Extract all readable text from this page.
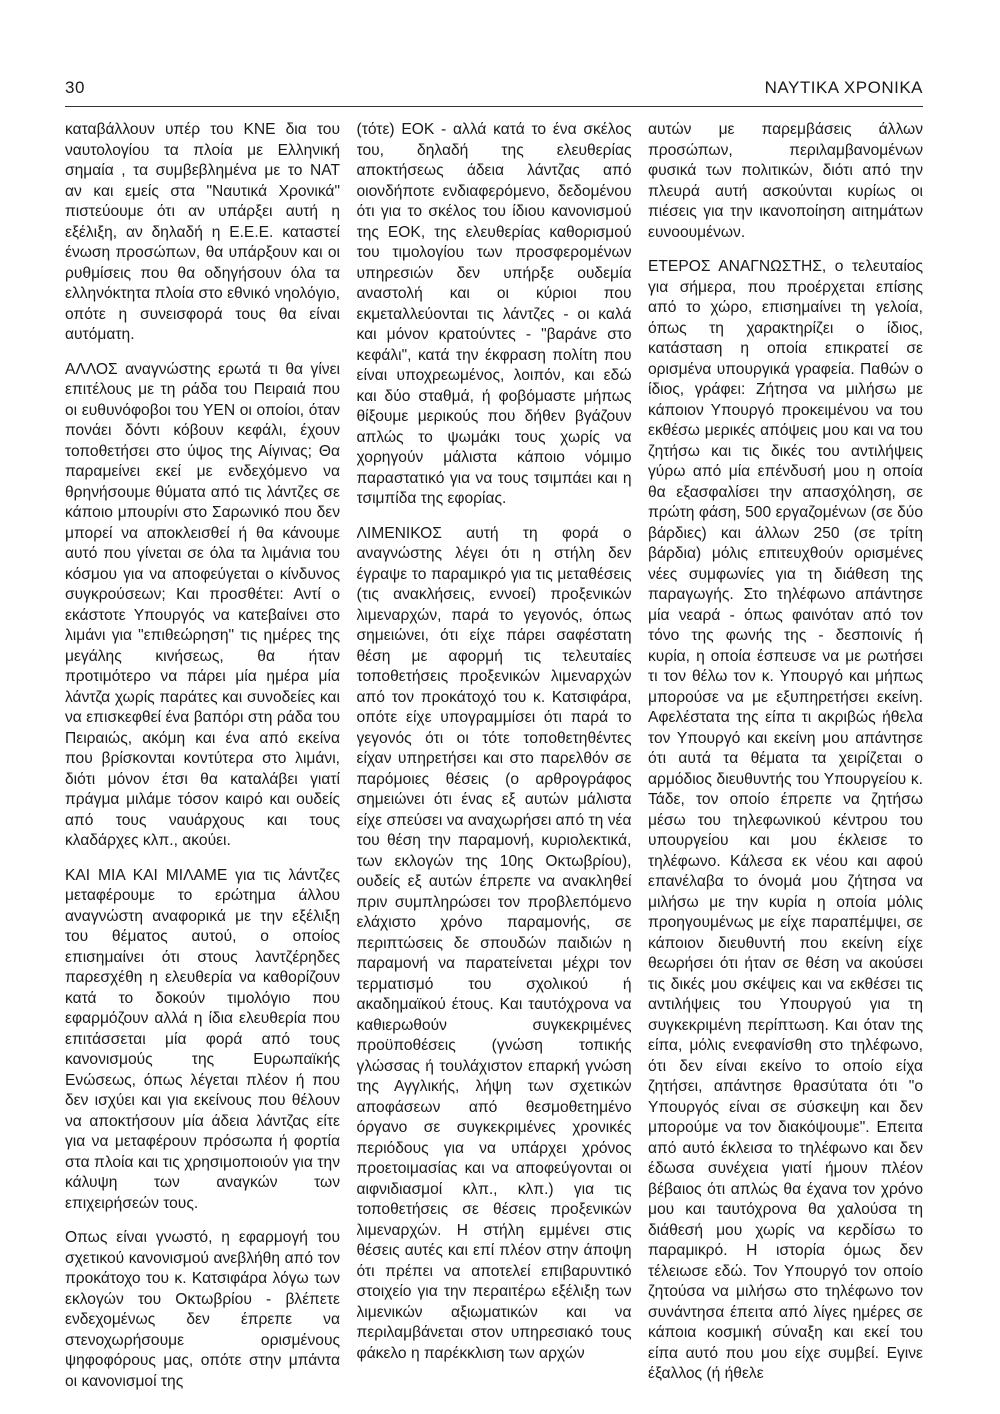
30	ΝΑΥΤΙΚΑ ΧΡΟΝΙΚΑ

καταβάλλουν υπέρ του ΚΝΕ δια του ναυτολογίου τα πλοία με Ελληνική σημαία , τα συμβεβλημένα με το ΝΑΤ αν και εμείς στα "Ναυτικά Χρονικά" πιστεύουμε ότι αν υπάρξει αυτή η εξέλιξη, αν δηλαδή η Ε.Ε.Ε. καταστεί ένωση προσώπων, θα υπάρξουν και οι ρυθμίσεις που θα οδηγήσουν όλα τα ελληνόκτητα πλοία στο εθνικό νηολόγιο, οπότε η συνεισφορά τους θα είναι αυτόματη.

ΑΛΛΟΣ αναγνώστης ερωτά τι θα γίνει επιτέλους με τη ράδα του Πειραιά που οι ευθυνόφοβοι του ΥΕΝ οι οποίοι, όταν πονάει δόντι κόβουν κεφάλι, έχουν τοποθετήσει στο ύψος της Αίγινας; Θα παραμείνει εκεί με ενδεχόμενο να θρηνήσουμε θύματα από τις λάντζες σε κάποιο μπουρίνι στο Σαρωνικό που δεν μπορεί να αποκλεισθεί ή θα κάνουμε αυτό που γίνεται σε όλα τα λιμάνια του κόσμου για να αποφεύγεται ο κίνδυνος συγκρούσεων; Και προσθέτει: Αντί ο εκάστοτε Υπουργός να κατεβαίνει στο λιμάνι για "επιθεώρηση" τις ημέρες της μεγάλης κινήσεως, θα ήταν προτιμότερο να πάρει μία ημέρα μία λάντζα χωρίς παράτες και συνοδείες και να επισκεφθεί ένα βαπόρι στη ράδα του Πειραιώς, ακόμη και ένα από εκείνα που βρίσκονται κοντύτερα στο λιμάνι, διότι μόνον έτσι θα καταλάβει γιατί πράγμα μιλάμε τόσον καιρό και ουδείς από τους ναυάρχους και τους κλαδάρχες κλπ., ακούει.

ΚΑΙ ΜΙΑ ΚΑΙ ΜΙΛΑΜΕ για τις λάντζες μεταφέρουμε το ερώτημα άλλου αναγνώστη αναφορικά με την εξέλιξη του θέματος αυτού, ο οποίος επισημαίνει ότι στους λαντζέρηδες παρεσχέθη η ελευθερία να καθορίζουν κατά το δοκούν τιμολόγιο που εφαρμόζουν αλλά η ίδια ελευθερία που επιτάσσεται μία φορά από τους κανονισμούς της Ευρωπαϊκής Ενώσεως, όπως λέγεται πλέον ή που δεν ισχύει και για εκείνους που θέλουν να αποκτήσουν μία άδεια λάντζας είτε για να μεταφέρουν πρόσωπα ή φορτία στα πλοία και τις χρησιμοποιούν για την κάλυψη των αναγκών των επιχειρήσεών τους.

Οπως είναι γνωστό, η εφαρμογή του σχετικού κανονισμού ανεβλήθη από τον προκάτοχο του κ. Κατσιφάρα λόγω των εκλογών του Οκτωβρίου - βλέπετε ενδεχομένως δεν έπρεπε να στενοχωρήσουμε ορισμένους ψηφοφόρους μας, οπότε στην μπάντα οι κανονισμοί της

(τότε) ΕΟΚ - αλλά κατά το ένα σκέλος του, δηλαδή της ελευθερίας αποκτήσεως άδεια λάντζας από οιονδήποτε ενδιαφερόμενο, δεδομένου ότι για το σκέλος του ίδιου κανονισμού της ΕΟΚ, της ελευθερίας καθορισμού του τιμολογίου των προσφερομένων υπηρεσιών δεν υπήρξε ουδεμία αναστολή και οι κύριοι που εκμεταλλεύονται τις λάντζες - οι καλά και μόνον κρατούντες - "βαράνε στο κεφάλι", κατά την έκφραση πολίτη που είναι υποχρεωμένος, λοιπόν, και εδώ και δύο σταθμά, ή φοβόμαστε μήπως θίξουμε μερικούς που δήθεν βγάζουν απλώς το ψωμάκι τους χωρίς να χορηγούν μάλιστα κάποιο νόμιμο παραστατικό για να τους τσιμπάει και η τσιμπίδα της εφορίας.

ΛΙΜΕΝΙΚΟΣ αυτή τη φορά ο αναγνώστης λέγει ότι η στήλη δεν έγραψε το παραμικρό για τις μεταθέσεις (τις ανακλήσεις, εννοεί) προξενικών λιμεναρχών, παρά το γεγονός, όπως σημειώνει, ότι είχε πάρει σαφέστατη θέση με αφορμή τις τελευταίες τοποθετήσεις προξενικών λιμεναρχών από τον προκάτοχό του κ. Κατσιφάρα, οπότε είχε υπογραμμίσει ότι παρά το γεγονός ότι οι τότε τοποθετηθέντες είχαν υπηρετήσει και στο παρελθόν σε παρόμοιες θέσεις (ο αρθρογράφος σημειώνει ότι ένας εξ αυτών μάλιστα είχε σπεύσει να αναχωρήσει από τη νέα του θέση την παραμονή, κυριολεκτικά, των εκλογών της 10ης Οκτωβρίου), ουδείς εξ αυτών έπρεπε να ανακληθεί πριν συμπληρώσει τον προβλεπόμενο ελάχιστο χρόνο παραμονής, σε περιπτώσεις δε σπουδών παιδιών η παραμονή να παρατείνεται μέχρι τον τερματισμό του σχολικού ή ακαδημαϊκού έτους. Και ταυτόχρονα να καθιερωθούν συγκεκριμένες προϋποθέσεις (γνώση τοπικής γλώσσας ή τουλάχιστον επαρκή γνώση της Αγγλικής, λήψη των σχετικών αποφάσεων από θεσμοθετημένο όργανο σε συγκεκριμένες χρονικές περιόδους για να υπάρχει χρόνος προετοιμασίας και να αποφεύγονται οι αιφνιδιασμοί κλπ., κλπ.) για τις τοποθετήσεις σε θέσεις προξενικών λιμεναρχών. Η στήλη εμμένει στις θέσεις αυτές και επί πλέον στην άποψη ότι πρέπει να αποτελεί επιβαρυντικό στοιχείο για την περαιτέρω εξέλιξη των λιμενικών αξιωματικών και να περιλαμβάνεται στον υπηρεσιακό τους φάκελο η παρέκκλιση των αρχών

αυτών με παρεμβάσεις άλλων προσώπων, περιλαμβανομένων φυσικά των πολιτικών, διότι από την πλευρά αυτή ασκούνται κυρίως οι πιέσεις για την ικανοποίηση αιτημάτων ευνοουμένων.

ΕΤΕΡΟΣ ΑΝΑΓΝΩΣΤΗΣ, ο τελευταίος για σήμερα, που προέρχεται επίσης από το χώρο, επισημαίνει τη γελοία, όπως τη χαρακτηρίζει ο ίδιος, κατάσταση η οποία επικρατεί σε ορισμένα υπουργικά γραφεία. Παθών ο ίδιος, γράφει: Ζήτησα να μιλήσω με κάποιον Υπουργό προκειμένου να του εκθέσω μερικές απόψεις μου και να του ζητήσω και τις δικές του αντιλήψεις γύρω από μία επένδυσή μου η οποία θα εξασφαλίσει την απασχόληση, σε πρώτη φάση, 500 εργαζομένων (σε δύο βάρδιες) και άλλων 250 (σε τρίτη βάρδια) μόλις επιτευχθούν ορισμένες νέες συμφωνίες για τη διάθεση της παραγωγής. Στο τηλέφωνο απάντησε μία νεαρά - όπως φαινόταν από τον τόνο της φωνής της - δεσποινίς ή κυρία, η οποία έσπευσε να με ρωτήσει τι τον θέλω τον κ. Υπουργό και μήπως μπορούσε να με εξυπηρετήσει εκείνη. Αφελέστατα της είπα τι ακριβώς ήθελα τον Υπουργό και εκείνη μου απάντησε ότι αυτά τα θέματα τα χειρίζεται ο αρμόδιος διευθυντής του Υπουργείου κ. Τάδε, τον οποίο έπρεπε να ζητήσω μέσω του τηλεφωνικού κέντρου του υπουργείου και μου έκλεισε το τηλέφωνο. Κάλεσα εκ νέου και αφού επανέλαβα το όνομά μου ζήτησα να μιλήσω με την κυρία η οποία μόλις προηγουμένως με είχε παραπέμψει, σε κάποιον διευθυντή που εκείνη είχε θεωρήσει ότι ήταν σε θέση να ακούσει τις δικές μου σκέψεις και να εκθέσει τις αντιλήψεις του Υπουργού για τη συγκεκριμένη περίπτωση. Και όταν της είπα, μόλις ενεφανίσθη στο τηλέφωνο, ότι δεν είναι εκείνο το οποίο είχα ζητήσει, απάντησε θρασύτατα ότι "ο Υπουργός είναι σε σύσκεψη και δεν μπορούμε να τον διακόψουμε". Επειτα από αυτό έκλεισα το τηλέφωνο και δεν έδωσα συνέχεια γιατί ήμουν πλέον βέβαιος ότι απλώς θα έχανα τον χρόνο μου και ταυτόχρονα θα χαλούσα τη διάθεσή μου χωρίς να κερδίσω το παραμικρό. Η ιστορία όμως δεν τέλειωσε εδώ. Τον Υπουργό τον οποίο ζητούσα να μιλήσω στο τηλέφωνο τον συνάντησα έπειτα από λίγες ημέρες σε κάποια κοσμική σύναξη και εκεί του είπα αυτό που μου είχε συμβεί. Εγινε έξαλλος (ή ήθελε
